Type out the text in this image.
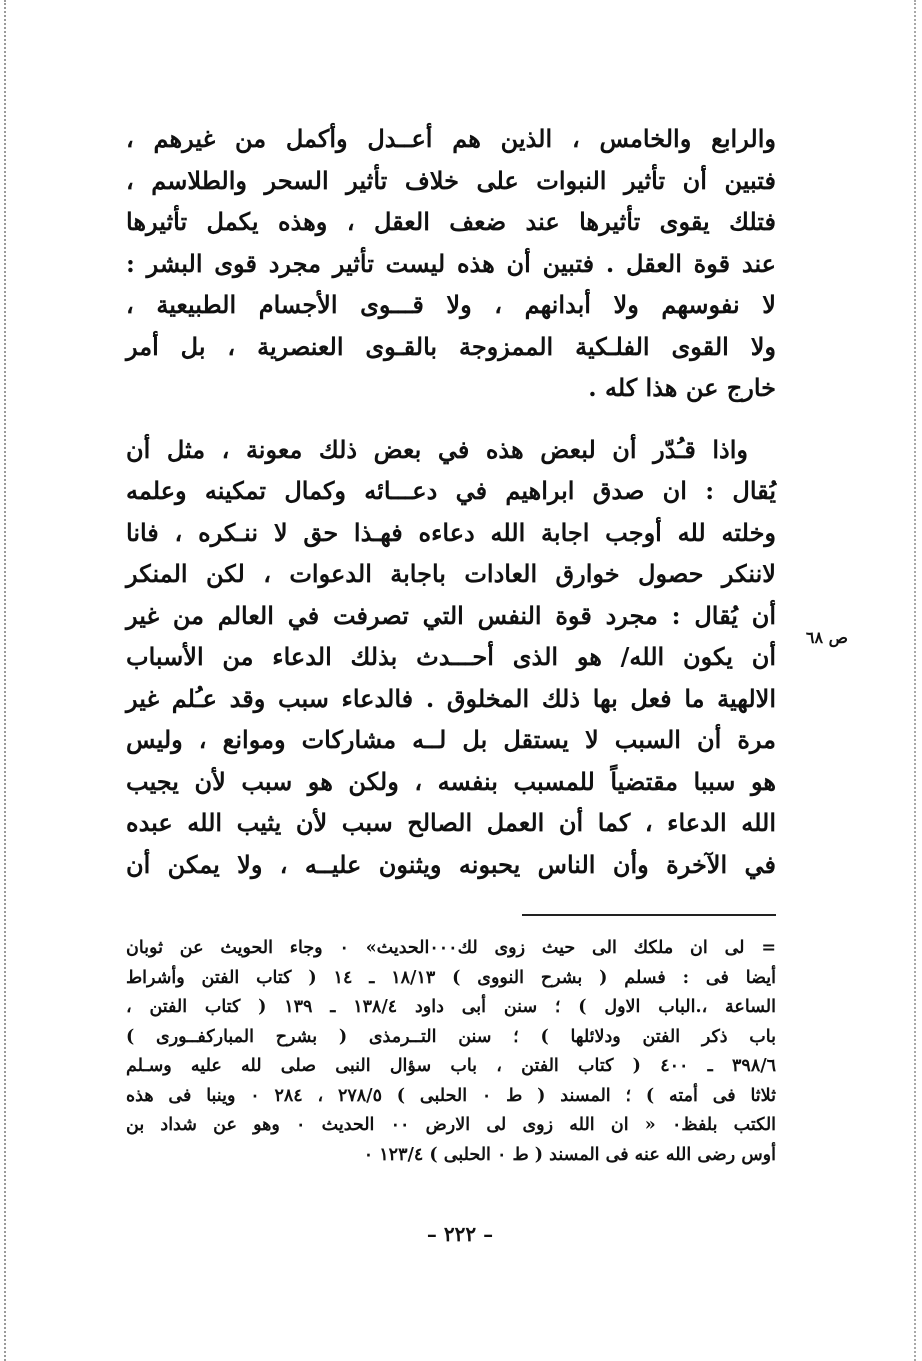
والرابع والخامس ، الذين هم أعــدل وأكمل من غيرهم ،
فتبين أن تأثير النبوات على خلاف تأثير السحر والطلاسم ،
فتلك يقوى تأثيرها عند ضعف العقل ، وهذه يكمل تأثيرها
عند قوة العقل . فتبين أن هذه ليست تأثير مجرد قوى البشر :
لا نفوسهم ولا أبدانهم ، ولا قـــوى الأجسام الطبيعية ،
ولا القوى الفلـكية الممزوجة بالقـوى العنصرية ، بل أمر
خارج عن هذا كله .
واذا قـُدّر أن لبعض هذه في بعض ذلك معونة ، مثل أن
يُقال : ان صدق ابراهيم في دعـــائه وكمال تمكينه وعلمه
وخلته لله أوجب اجابة الله دعاءه فهـذا حق لا ننـكره ، فانا
لاننكر حصول خوارق العادات باجابة الدعوات ، لكن المنكر
أن يُقال : مجرد قوة النفس التي تصرفت في العالم من غير
أن يكون الله/ هو الذى أحـــدث بذلك الدعاء من الأسباب
الالهية ما فعل بها ذلك المخلوق . فالدعاء سبب وقد عـُلم غير
مرة أن السبب لا يستقل بل لــه مشاركات وموانع ، وليس
هو سببا مقتضياً للمسبب بنفسه ، ولكن هو سبب لأن يجيب
الله الدعاء ، كما أن العمل الصالح سبب لأن يثيب الله عبده
في الآخرة وأن الناس يحبونه ويثنون عليــه ، ولا يمكن أن
ص ٦٨
= لى ان ملكك الى حيث زوى لك٠٠٠الحديث» ٠ وجاء الحويث عن ثوبان
أيضا فى : فسلم ( بشرح النووى ) ١٨/١٣ ـ ١٤ ( كتاب الفتن وأشراط
الساعة ،.الباب الاول ) ؛ سنن أبى داود ١٣٨/٤ ـ ١٣٩ ( كتاب الفتن ،
باب ذكر الفتن ودلائلها ) ؛ سنن التــرمذى ( بشرح المباركفــورى )
٣٩٨/٦ ـ ٤٠٠ ( كتاب الفتن ، باب سؤال النبى صلى لله عليه وسـلم
ثلاثا فى أمته ) ؛ المسند ( ط ٠ الحلبى ) ٢٧٨/٥ ، ٢٨٤ ٠ وينبا فى هذه
الكتب بلفظ٠ « ان الله زوى لى الارض ٠٠ الحديث ٠ وهو عن شداد بن
أوس رضى الله عنه فى المسند ( ط ٠ الحلبى ) ١٢٣/٤ ٠
– ٢٢٢ –
